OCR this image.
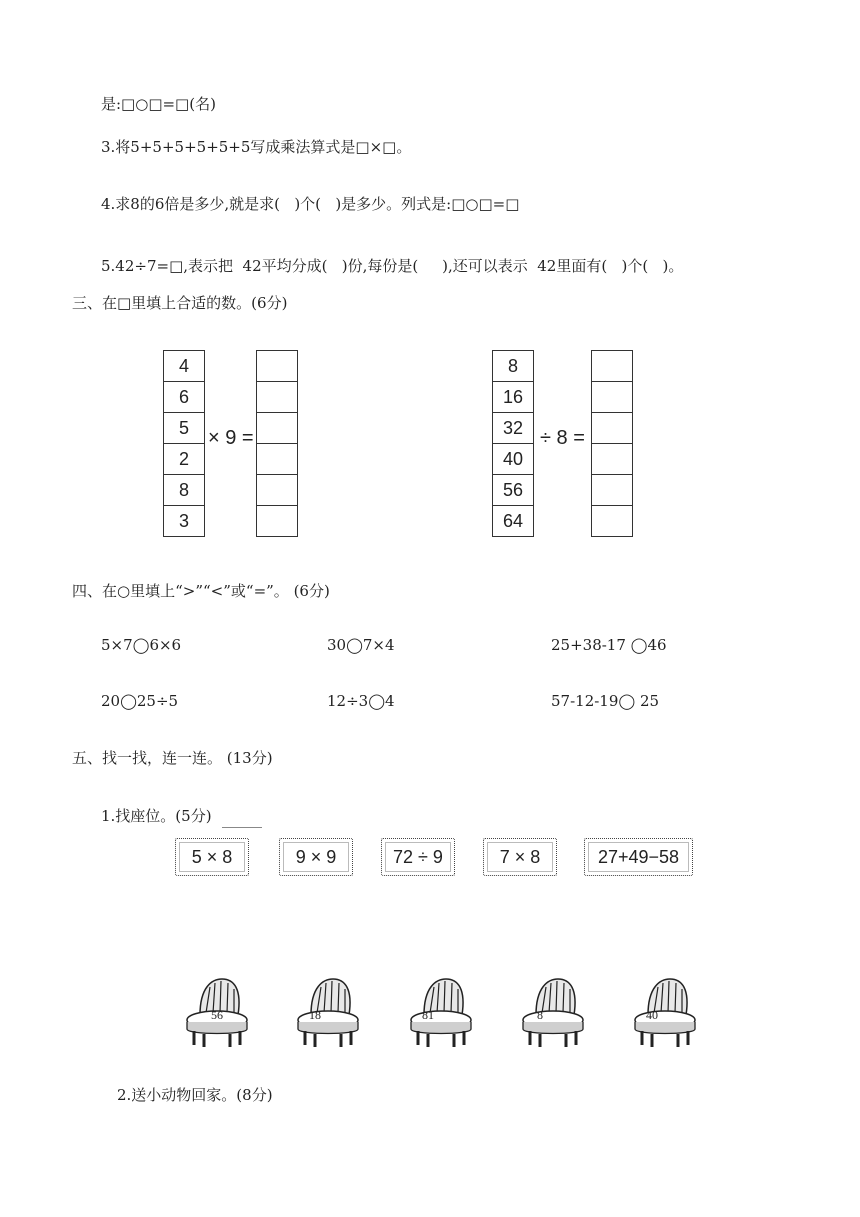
是:□○□=□(名)
3.将5+5+5+5+5+5写成乘法算式是□×□。
4.求8的6倍是多少,就是求(   )个(   )是多少。列式是:□○□=□
5.42÷7=□,表示把  42平均分成(   )份,每份是(     ),还可以表示  42里面有(   )个(   )。
三、在□里填上合适的数。(6分)
4
6
5
2
8
3
× 9 =

8
16
32
40
56
64
÷ 8 =

四、在○里填上“>”“<”或“=”。 (6分)
5×7◯6×6	30◯7×4	25+38-17 ◯46
20◯25÷5	12÷3◯4	57-12-19◯ 25
五、找一找，连一连。 (13分)
1.找座位。(5分)
5 × 8	9 × 9	72 ÷ 9	7 × 8	27+49−58
56	18	81	8	40
2.送小动物回家。(8分)
